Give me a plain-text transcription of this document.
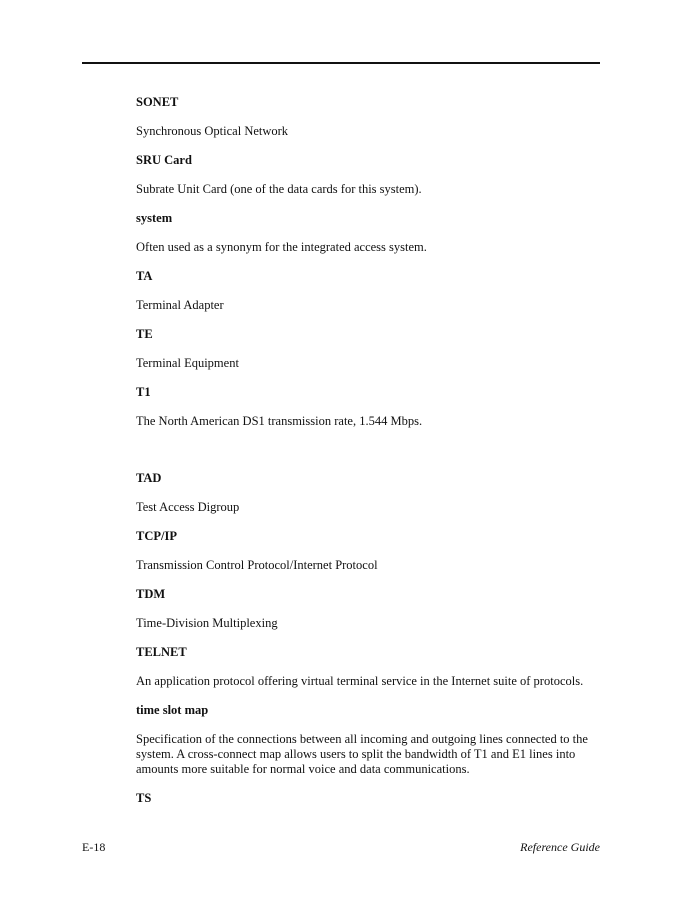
SONET
Synchronous Optical Network
SRU Card
Subrate Unit Card (one of the data cards for this system).
system
Often used as a synonym for the integrated access system.
TA
Terminal Adapter
TE
Terminal Equipment
T1
The North American DS1 transmission rate, 1.544 Mbps.
TAD
Test Access Digroup
TCP/IP
Transmission Control Protocol/Internet Protocol
TDM
Time-Division Multiplexing
TELNET
An application protocol offering virtual terminal service in the Internet suite of protocols.
time slot map
Specification of the connections between all incoming and outgoing lines connected to the system. A cross-connect map allows users to split the bandwidth of T1 and E1 lines into amounts more suitable for normal voice and data communications.
TS
E-18	Reference Guide
